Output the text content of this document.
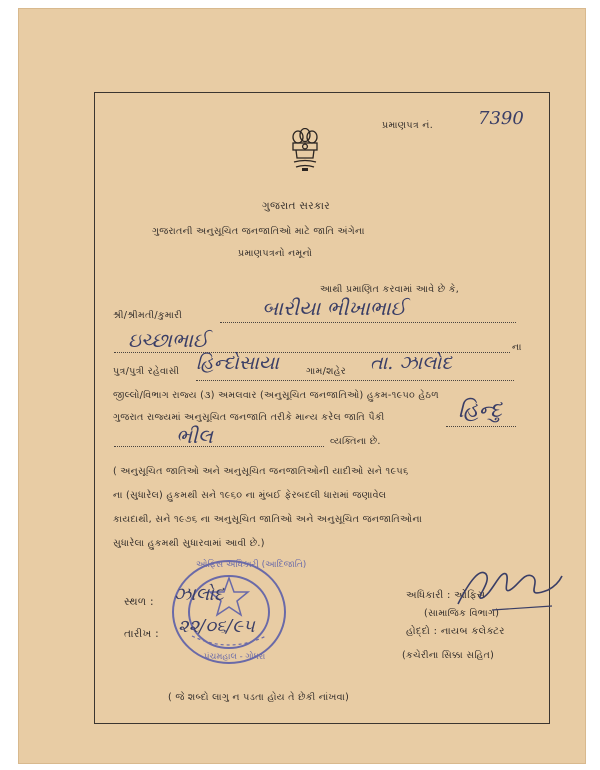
પ્રમાણપત્ર નં. 7390
ગુજરાત સરકાર
ગુજરાતની અનુસૂચિત જનજાતિઓ માટે જાતિ અંગેના
પ્રમાણપત્રનો નમૂનો
આથી પ્રમાણિત કરવામાં આવે છે કે,
શ્રી/શ્રીમતી/કુમારી	બારીયા ભીખાભાઈ
ઇચ્છાભાઈ	ના
પુત્ર/પુત્રી રહેવાસી હિન્દોસાયા	ગામ/શહેર તા. ઝાલોદ
જીલ્લો/વિભાગ રાજ્ય (૩) અમલવાર (અનુસૂચિત જનજાતિઓ) હુકમ-૧૯૫૦ હેઠળ
ગુજરાત રાજ્યમાં અનુસૂચિત જનજાતિ તરીકે માન્ય કરેલ જાતિ પૈકી	હિન્દુ
ભીલ	વ્યક્તિના છે.
( અનુસૂચિત જાતિઓ અને અનુસૂચિત જનજાતિઓની યાદીઓ સને ૧૯૫૬
ના (સુધારેલ) હુકમથી સને ૧૯૬૦ ના મુંબઈ ફેરબદલી ધારામાં જણાવેલ
કાયદાથી, સને ૧૯૭૬ ના અનુસૂચિત જાતિઓ અને અનુસૂચિત જનજાતિઓના
સુધારેલા હુકમથી સુધારવામાં આવી છે.)
ઓફિસ અધિકારી (આદિજાતિ)
પંચમહાલ - ગોધરા
સ્થળ : ઝાલોદ
તારીખ : ૨૨/૦૬/૯૫
અધિકારી : ઓફિસ
(સામાજિક વિભાગ)
હોદ્દો : નાયબ કલેક્ટર
(કચેરીના સિક્કા સહિત)
( જે શબ્દો લાગુ ન પડતા હોય તે છેકી નાંખવા)
